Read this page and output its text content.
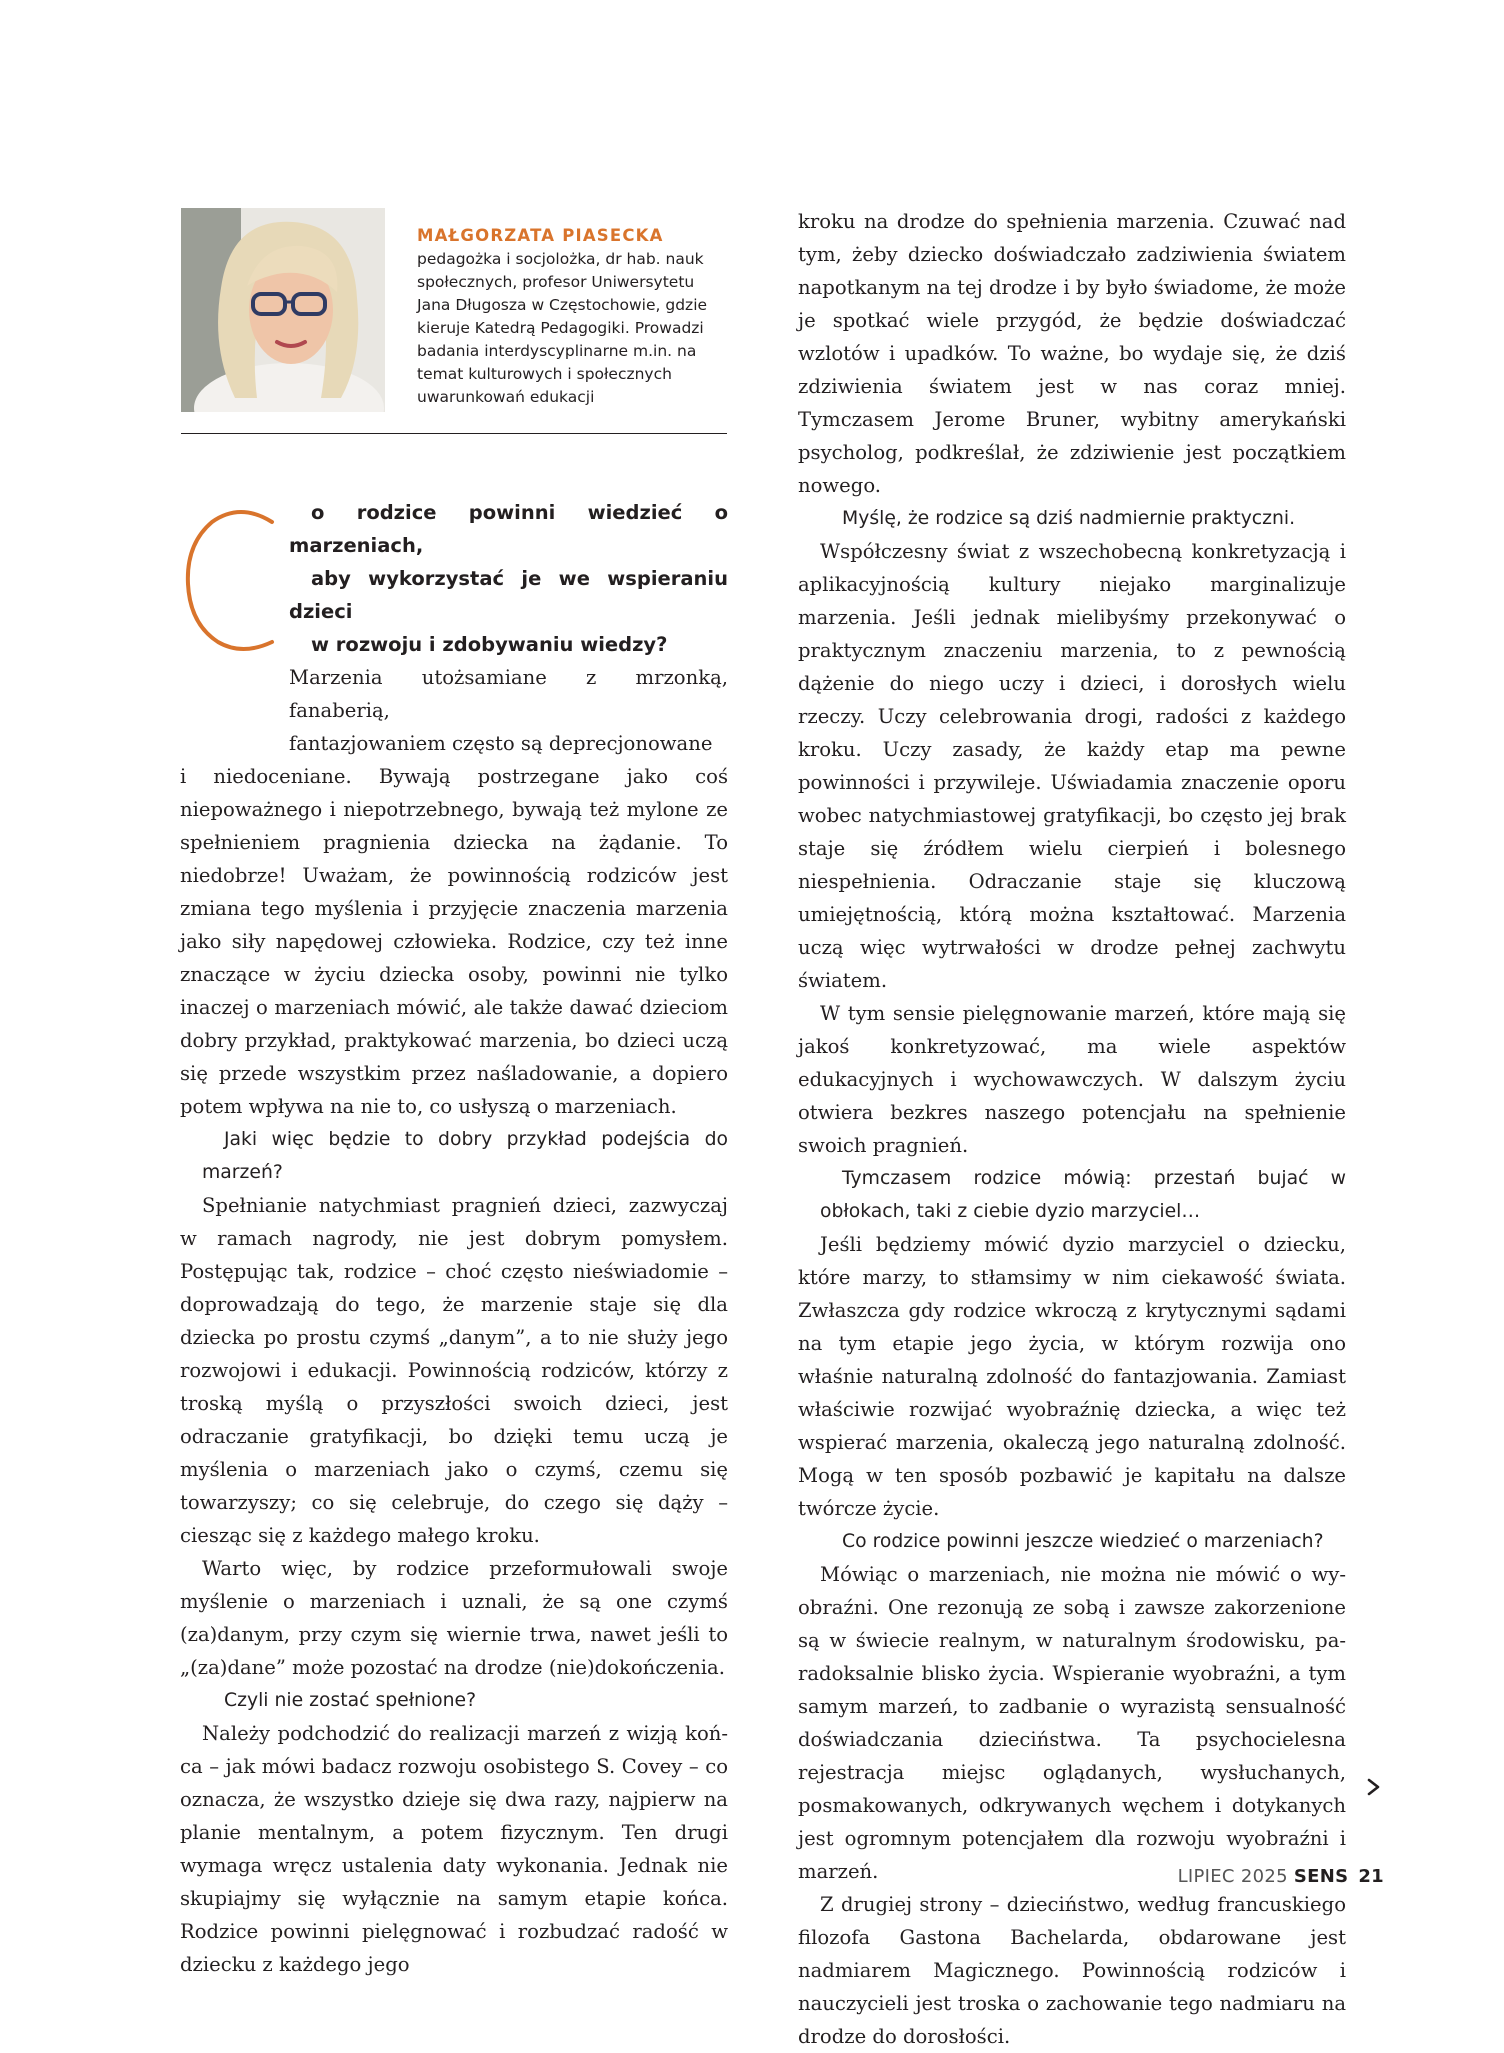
MAŁGORZATA PIASECKA
pedagożka i socjolożka, dr hab. nauk
społecznych, profesor Uniwersytetu
Jana Długosza w Częstochowie, gdzie
kieruje Katedrą Pedagogiki. Prowadzi
badania interdyscyplinarne m.in. na
temat kulturowych i społecznych
uwarunkowań edukacji

o rodzice powinni wiedzieć o marzeniach,

aby wykorzystać je we wspieraniu dzieci

w rozwoju i zdobywaniu wiedzy?

Marzenia utożsamiane z mrzonką, fanaberią,
fantazjowaniem często są deprecjonowane

i niedoceniane. Bywają postrzegane jako coś niepoważnego i niepotrzebnego, bywają też mylone ze spełnieniem pragnienia dziecka na żądanie. To niedobrze! Uważam, że powinnością rodziców jest zmiana tego myślenia i przyjęcie znaczenia marzenia jako siły napędowej człowieka. Rodzice, czy też inne znaczące w życiu dziecka osoby, powinni nie tylko inaczej o marzeniach mówić, ale także dawać dzieciom dobry przykład, praktykować marzenia, bo dzieci uczą się przede wszystkim przez naśladowanie, a dopiero potem wpływa na nie to, co usłyszą o marzeniach.

Jaki więc będzie to dobry przykład podejścia do marzeń?

Spełnianie natychmiast pragnień dzieci, zazwyczaj w ramach nagrody, nie jest dobrym pomysłem. Postępując tak, rodzice – choć często nieświadomie – doprowadzają do tego, że marzenie staje się dla dziecka po prostu czymś „danym”, a to nie służy jego rozwojowi i edukacji. Powinnością rodziców, którzy z troską myślą o przyszłości swoich dzieci, jest odraczanie gratyfikacji, bo dzięki temu uczą je myślenia o marzeniach jako o czymś, czemu się towarzyszy; co się celebruje, do czego się dąży – ciesząc się z każdego małego kroku.

Warto więc, by rodzice przeformułowali swoje myślenie o marzeniach i uznali, że są one czymś (za)danym, przy czym się wiernie trwa, nawet jeśli to „(za)dane” może pozostać na drodze (nie)dokończenia.

Czyli nie zostać spełnione?

Należy podchodzić do realizacji marzeń z wizją końca – jak mówi badacz rozwoju osobistego S. Covey – co oznacza, że wszystko dzieje się dwa razy, najpierw na planie mentalnym, a potem fizycznym. Ten drugi wymaga wręcz ustalenia daty wykonania. Jednak nie skupiajmy się wyłącznie na samym etapie końca. Rodzice powinni pielęgnować i rozbudzać radość w dziecku z każdego jego

kroku na drodze do spełnienia marzenia. Czuwać nad tym, żeby dziecko doświadczało zadziwienia światem napotkanym na tej drodze i by było świadome, że może je spotkać wiele przygód, że będzie doświadczać wzlotów i upadków. To ważne, bo wydaje się, że dziś zdziwienia światem jest w nas coraz mniej. Tymczasem Jerome Bruner, wybitny amerykański psycholog, podkreślał, że zdziwienie jest początkiem nowego.

Myślę, że rodzice są dziś nadmiernie praktyczni.

Współczesny świat z wszechobecną konkretyzacją i aplikacyjnością kultury niejako marginalizuje marzenia. Jeśli jednak mielibyśmy przekonywać o praktycznym znaczeniu marzenia, to z pewnością dążenie do niego uczy i dzieci, i dorosłych wielu rzeczy. Uczy celebrowania drogi, radości z każdego kroku. Uczy zasady, że każdy etap ma pewne powinności i przywileje. Uświadamia znaczenie oporu wobec natychmiastowej gratyfikacji, bo często jej brak staje się źródłem wielu cierpień i bolesnego niespełnienia. Odraczanie staje się kluczową umiejętnością, którą można kształtować. Marzenia uczą więc wytrwałości w drodze pełnej zachwytu światem.

W tym sensie pielęgnowanie marzeń, które mają się jakoś konkretyzować, ma wiele aspektów edukacyjnych i wychowawczych. W dalszym życiu otwiera bezkres naszego potencjału na spełnienie swoich pragnień.

Tymczasem rodzice mówią: przestań bujać w obłokach, taki z ciebie dyzio marzyciel…

Jeśli będziemy mówić dyzio marzyciel o dziecku, które marzy, to stłamsimy w nim ciekawość świata. Zwłaszcza gdy rodzice wkroczą z krytycznymi sądami na tym etapie jego życia, w którym rozwija ono właśnie naturalną zdolność do fantazjowania. Zamiast właściwie rozwijać wyobraźnię dziecka, a więc też wspierać marzenia, okaleczą jego naturalną zdolność. Mogą w ten sposób pozbawić je kapitału na dalsze twórcze życie.

Co rodzice powinni jeszcze wiedzieć o marzeniach?

Mówiąc o marzeniach, nie można nie mówić o wyobraźni. One rezonują ze sobą i zawsze zakorzenione są w świecie realnym, w naturalnym środowisku, paradoksalnie blisko życia. Wspieranie wyobraźni, a tym samym marzeń, to zadbanie o wyrazistą sensualność doświadczania dzieciństwa. Ta psychocielesna rejestracja miejsc oglądanych, wysłuchanych, posmakowanych, odkrywanych węchem i dotykanych jest ogromnym potencjałem dla rozwoju wyobraźni i marzeń.

Z drugiej strony – dzieciństwo, według francuskiego filozofa Gastona Bachelarda, obdarowane jest nadmiarem Magicznego. Powinnością rodziców i nauczycieli jest troska o zachowanie tego nadmiaru na drodze do dorosłości.

LIPIEC 2025 SENS 21
